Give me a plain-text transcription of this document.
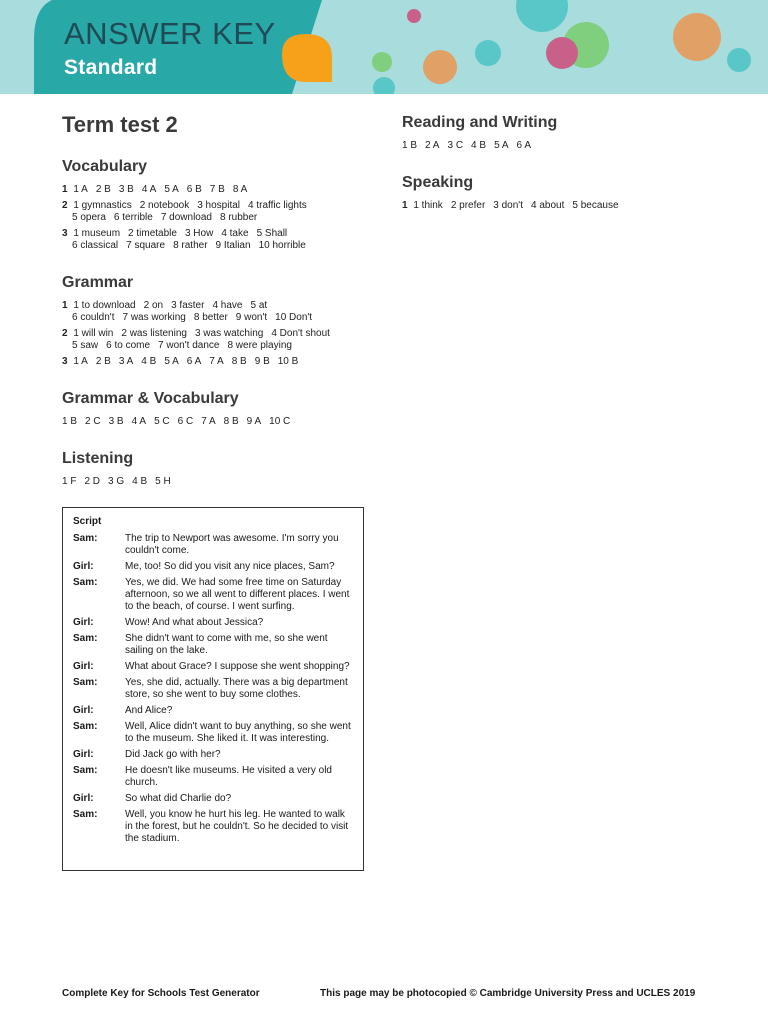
ANSWER KEY
Standard
Term test 2
Vocabulary
1 1 A 2 B 3 B 4 A 5 A 6 B 7 B 8 A
2 1 gymnastics 2 notebook 3 hospital 4 traffic lights
5 opera 6 terrible 7 download 8 rubber
3 1 museum 2 timetable 3 How 4 take 5 Shall
6 classical 7 square 8 rather 9 Italian 10 horrible
Grammar
1 1 to download 2 on 3 faster 4 have 5 at
6 couldn't 7 was working 8 better 9 won't 10 Don't
2 1 will win 2 was listening 3 was watching 4 Don't shout
5 saw 6 to come 7 won't dance 8 were playing
3 1 A 2 B 3 A 4 B 5 A 6 A 7 A 8 B 9 B 10 B
Grammar & Vocabulary
1 B 2 C 3 B 4 A 5 C 6 C 7 A 8 B 9 A 10 C
Listening
1 F 2 D 3 G 4 B 5 H
Script
Sam:	The trip to Newport was awesome. I'm sorry you couldn't come.
Girl:	Me, too! So did you visit any nice places, Sam?
Sam:	Yes, we did. We had some free time on Saturday afternoon, so we all went to different places. I went to the beach, of course. I went surfing.
Girl:	Wow! And what about Jessica?
Sam:	She didn't want to come with me, so she went sailing on the lake.
Girl:	What about Grace? I suppose she went shopping?
Sam:	Yes, she did, actually. There was a big department store, so she went to buy some clothes.
Girl:	And Alice?
Sam:	Well, Alice didn't want to buy anything, so she went to the museum. She liked it. It was interesting.
Girl:	Did Jack go with her?
Sam:	He doesn't like museums. He visited a very old church.
Girl:	So what did Charlie do?
Sam:	Well, you know he hurt his leg. He wanted to walk in the forest, but he couldn't. So he decided to visit the stadium.
Reading and Writing
1 B 2 A 3 C 4 B 5 A 6 A
Speaking
1 1 think 2 prefer 3 don't 4 about 5 because
Complete Key for Schools Test Generator	This page may be photocopied © Cambridge University Press and UCLES 2019
